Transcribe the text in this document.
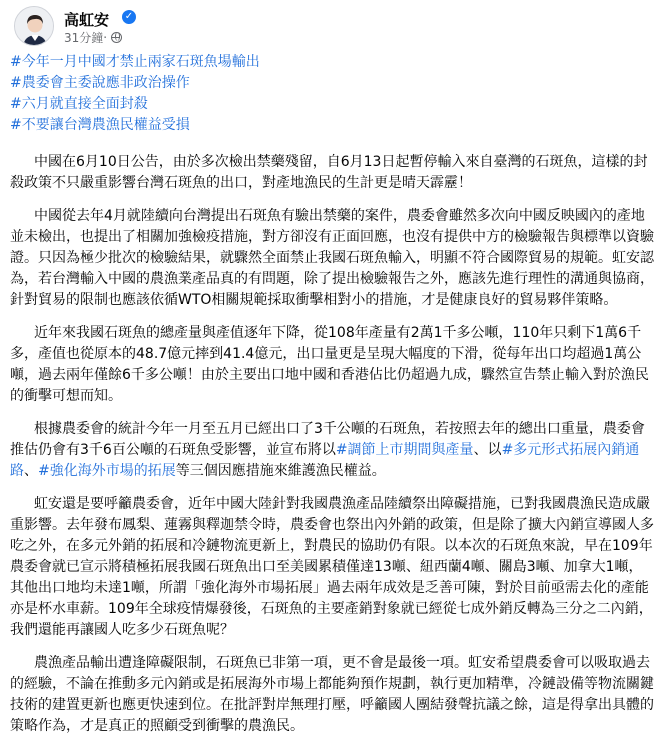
高虹安 ✓
31分鐘·
#今年一月中國才禁止兩家石斑魚場輸出
#農委會主委說應非政治操作
#六月就直接全面封殺
#不要讓台灣農漁民權益受損

中國在6月10日公告，由於多次檢出禁藥殘留，自6月13日起暫停輸入來自臺灣的石斑魚，這樣的封殺政策不只嚴重影響台灣石斑魚的出口，對產地漁民的生計更是晴天霹靂！

中國從去年4月就陸續向台灣提出石斑魚有驗出禁藥的案件，農委會雖然多次向中國反映國內的產地並未檢出，也提出了相關加強檢疫措施，對方卻沒有正面回應，也沒有提供中方的檢驗報告與標準以資驗證。只因為極少批次的檢驗結果，就驟然全面禁止我國石斑魚輸入，明顯不符合國際貿易的規範。虹安認為，若台灣輸入中國的農漁業產品真的有問題，除了提出檢驗報告之外，應該先進行理性的溝通與協商，針對貿易的限制也應該依循WTO相關規範採取衝擊相對小的措施，才是健康良好的貿易夥伴策略。

近年來我國石斑魚的總產量與產值逐年下降，從108年產量有2萬1千多公噸，110年只剩下1萬6千多，產值也從原本的48.7億元摔到41.4億元，出口量更是呈現大幅度的下滑，從每年出口均超過1萬公噸，過去兩年僅餘6千多公噸！由於主要出口地中國和香港佔比仍超過九成，驟然宣告禁止輸入對於漁民的衝擊可想而知。

根據農委會的統計今年一月至五月已經出口了3千公噸的石斑魚，若按照去年的總出口重量，農委會推估仍會有3千6百公噸的石斑魚受影響，並宣布將以#調節上市期間與產量、以#多元形式拓展內銷通路、#強化海外市場的拓展等三個因應措施來維護漁民權益。

虹安還是要呼籲農委會，近年中國大陸針對我國農漁產品陸續祭出障礙措施，已對我國農漁民造成嚴重影響。去年發布鳳梨、蓮霧與釋迦禁令時，農委會也祭出內外銷的政策，但是除了擴大內銷宣導國人多吃之外，在多元外銷的拓展和冷鏈物流更新上，對農民的協助仍有限。以本次的石斑魚來說，早在109年農委會就已宣示將積極拓展我國石斑魚出口至美國累積僅達13噸、紐西蘭4噸、關島3噸、加拿大1噸，其他出口地均未達1噸，所謂「強化海外市場拓展」過去兩年成效是乏善可陳，對於目前亟需去化的產能亦是杯水車薪。109年全球疫情爆發後，石斑魚的主要產銷對象就已經從七成外銷反轉為三分之二內銷，我們還能再讓國人吃多少石斑魚呢？

農漁產品輸出遭逢障礙限制，石斑魚已非第一項，更不會是最後一項。虹安希望農委會可以吸取過去的經驗，不論在推動多元內銷或是拓展海外市場上都能夠預作規劃，執行更加精準，冷鏈設備等物流關鍵技術的建置更新也應更快速到位。在批評對岸無理打壓，呼籲國人團結發聲抗議之餘，這是得拿出具體的策略作為，才是真正的照顧受到衝擊的農漁民。
